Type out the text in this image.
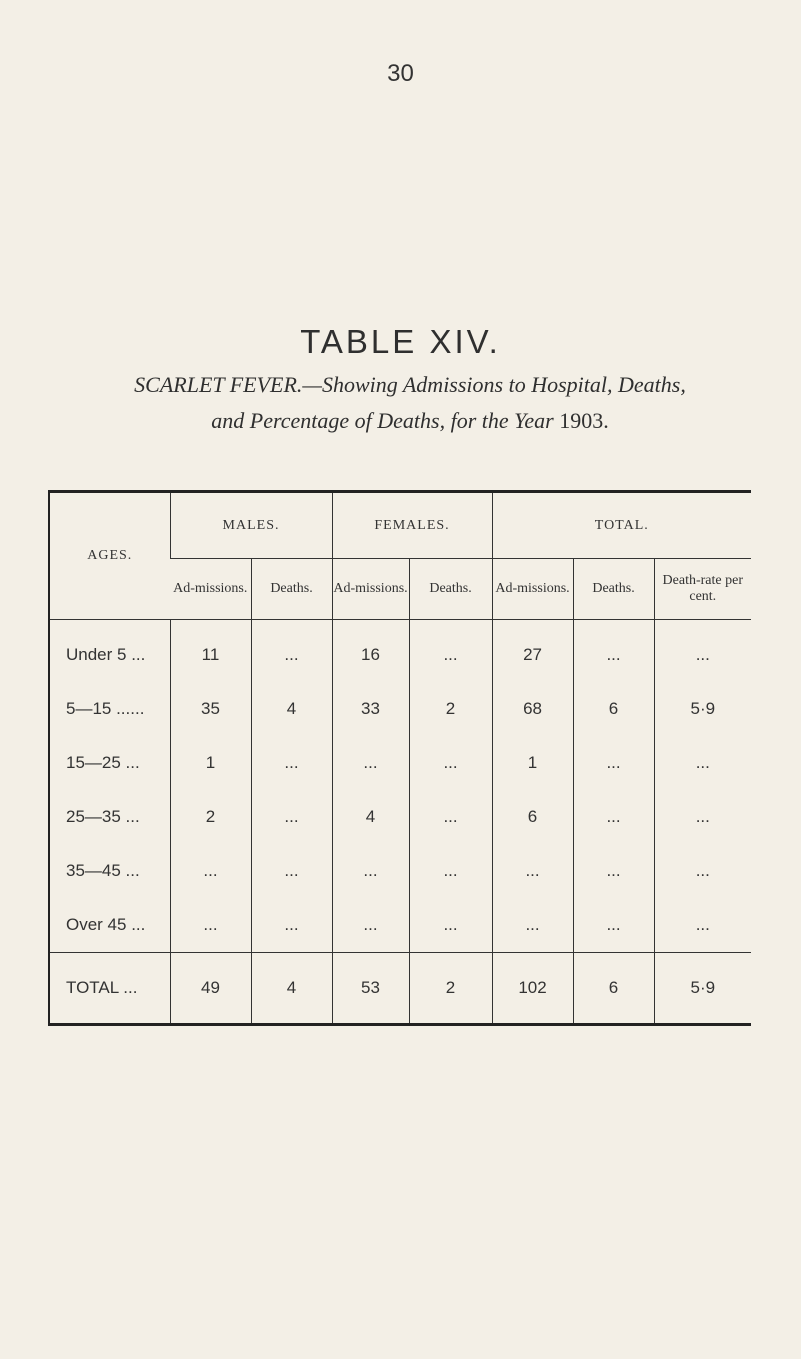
30
TABLE XIV.
SCARLET FEVER.—Showing Admissions to Hospital, Deaths,
and Percentage of Deaths, for the Year 1903.
AGES.	MALES.		FEMALES.		TOTAL.		
	Ad-missions.	Deaths.	Ad-missions.	Deaths.	Ad-missions.	Deaths.	Death-rate per cent.
Under 5 ...	11	...	16	...	27	...	...
5—15 ......	35	4	33	2	68	6	5·9
15—25 ...	1	...	...	...	1	...	...
25—35 ...	2	...	4	...	6	...	...
35—45 ...	...	...	...	...	...	...	...
Over 45 ...	...	...	...	...	...	...	...
TOTAL ...	49	4	53	2	102	6	5·9
